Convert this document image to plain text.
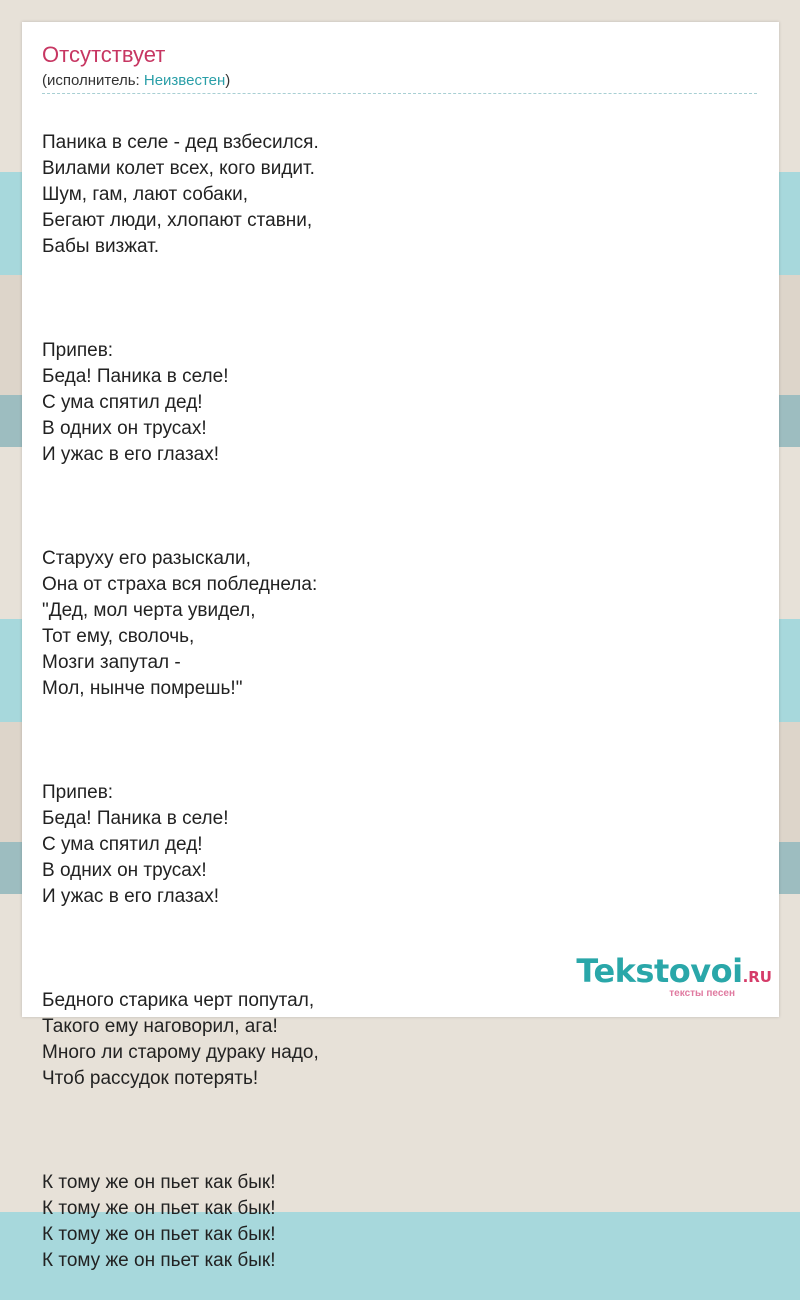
Отсутствует
(исполнитель: Неизвестен)

Паника в селе - дед взбесился.
Вилами колет всех, кого видит.
Шум, гам, лают собаки,
Бегают люди, хлопают ставни,
Бабы визжат.

Припев:
Беда! Паника в селе!
С ума спятил дед!
В одних он трусах!
И ужас в его глазах!

Старуху его разыскали,
Она от страха вся побледнела:
"Дед, мол черта увидел,
Тот ему, сволочь,
Мозги запутал -
Мол, нынче помрешь!"

Припев:
Беда! Паника в селе!
С ума спятил дед!
В одних он трусах!
И ужас в его глазах!

Бедного старика черт попутал,
Такого ему наговорил, ага!
Много ли старому дураку надо,
Чтоб рассудок потерять!

К тому же он пьет как бык!
К тому же он пьет как бык!
К тому же он пьет как бык!
К тому же он пьет как бык!

Tekstovoi.RU
тексты песен
